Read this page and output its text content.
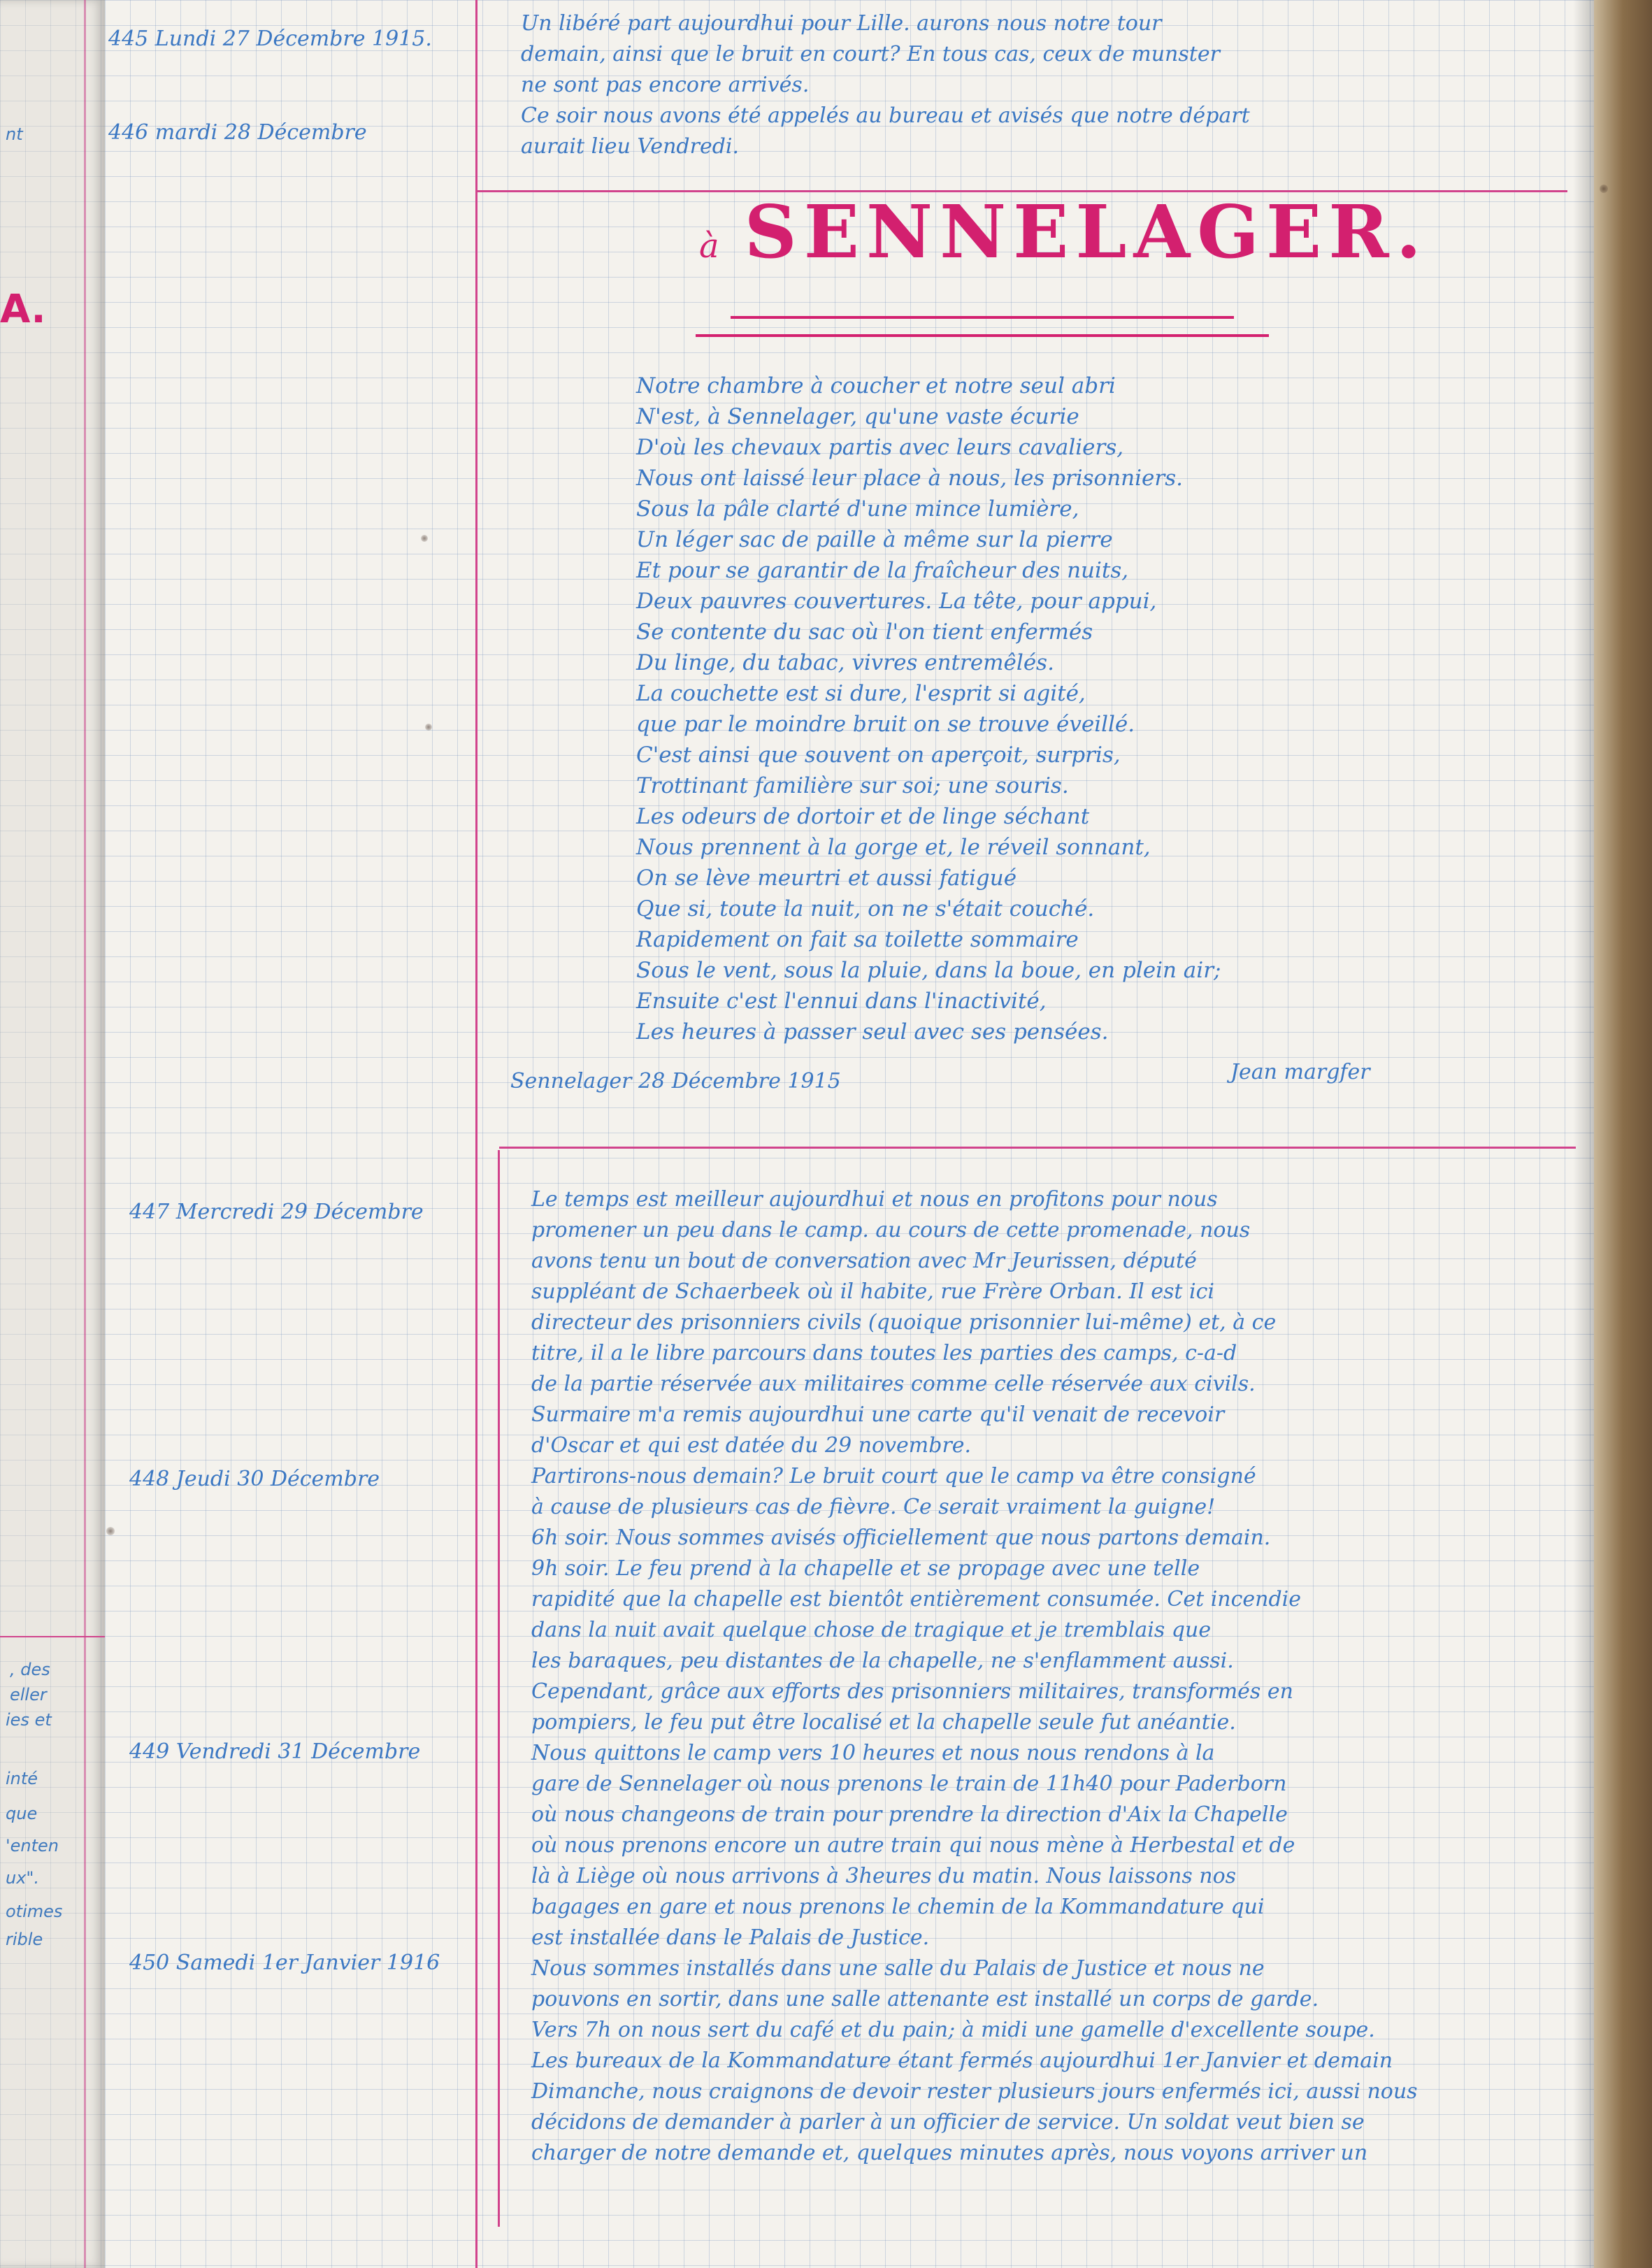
nt
A.
, des
eller
ies et
inté
que
'enten
ux".
otimes
rible
445 Lundi 27 Décembre 1915.
446 mardi 28 Décembre
Un libéré part aujourdhui pour Lille. aurons nous notre tour
demain, ainsi que le bruit en court? En tous cas, ceux de munster
ne sont pas encore arrivés.
Ce soir nous avons été appelés au bureau et avisés que notre départ
aurait lieu Vendredi.
à SENNELAGER.
Notre chambre à coucher et notre seul abri
N'est, à Sennelager, qu'une vaste écurie
D'où les chevaux partis avec leurs cavaliers,
Nous ont laissé leur place à nous, les prisonniers.
Sous la pâle clarté d'une mince lumière,
Un léger sac de paille à même sur la pierre
Et pour se garantir de la fraîcheur des nuits,
Deux pauvres couvertures. La tête, pour appui,
Se contente du sac où l'on tient enfermés
Du linge, du tabac, vivres entremêlés.
La couchette est si dure, l'esprit si agité,
que par le moindre bruit on se trouve éveillé.
C'est ainsi que souvent on aperçoit, surpris,
Trottinant familière sur soi; une souris.
Les odeurs de dortoir et de linge séchant
Nous prennent à la gorge et, le réveil sonnant,
On se lève meurtri et aussi fatigué
Que si, toute la nuit, on ne s'était couché.
Rapidement on fait sa toilette sommaire
Sous le vent, sous la pluie, dans la boue, en plein air;
Ensuite c'est l'ennui dans l'inactivité,
Les heures à passer seul avec ses pensées.
Sennelager 28 Décembre 1915	Jean margfer
447 Mercredi 29 Décembre
448 Jeudi 30 Décembre
449 Vendredi 31 Décembre
450 Samedi 1er Janvier 1916
Le temps est meilleur aujourdhui et nous en profitons pour nous
promener un peu dans le camp. au cours de cette promenade, nous
avons tenu un bout de conversation avec Mr Jeurissen, député
suppléant de Schaerbeek où il habite, rue Frère Orban. Il est ici
directeur des prisonniers civils (quoique prisonnier lui-même) et, à ce
titre, il a le libre parcours dans toutes les parties des camps, c-a-d
de la partie réservée aux militaires comme celle réservée aux civils.
Surmaire m'a remis aujourdhui une carte qu'il venait de recevoir
d'Oscar et qui est datée du 29 novembre.
Partirons-nous demain? Le bruit court que le camp va être consigné
à cause de plusieurs cas de fièvre. Ce serait vraiment la guigne!
6h soir. Nous sommes avisés officiellement que nous partons demain.
9h soir. Le feu prend à la chapelle et se propage avec une telle
rapidité que la chapelle est bientôt entièrement consumée. Cet incendie
dans la nuit avait quelque chose de tragique et je tremblais que
les baraques, peu distantes de la chapelle, ne s'enflamment aussi.
Cependant, grâce aux efforts des prisonniers militaires, transformés en
pompiers, le feu put être localisé et la chapelle seule fut anéantie.
Nous quittons le camp vers 10 heures et nous nous rendons à la
gare de Sennelager où nous prenons le train de 11h40 pour Paderborn
où nous changeons de train pour prendre la direction d'Aix la Chapelle
où nous prenons encore un autre train qui nous mène à Herbestal et de
là à Liège où nous arrivons à 3heures du matin. Nous laissons nos
bagages en gare et nous prenons le chemin de la Kommandature qui
est installée dans le Palais de Justice.
Nous sommes installés dans une salle du Palais de Justice et nous ne
pouvons en sortir, dans une salle attenante est installé un corps de garde.
Vers 7h on nous sert du café et du pain; à midi une gamelle d'excellente soupe.
Les bureaux de la Kommandature étant fermés aujourdhui 1er Janvier et demain
Dimanche, nous craignons de devoir rester plusieurs jours enfermés ici, aussi nous
décidons de demander à parler à un officier de service. Un soldat veut bien se
charger de notre demande et, quelques minutes après, nous voyons arriver un
